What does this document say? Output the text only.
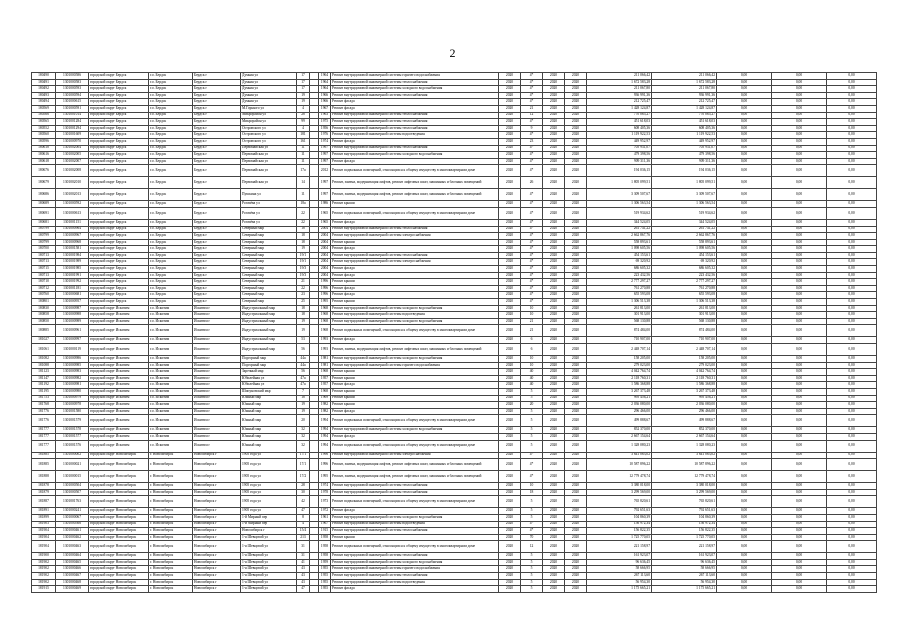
2
180490	1301000586	городской округ Бердск	г.о. Бердск	Бердск г	Думная ул	17		1964	Ремонт внутридомовой инженерной системы горячего водоснабжения	2020	4*	2020	2020	211 066,42	211 066,42	0,00	0,00	0,00
180491	1301000583	городской округ Бердск	г.о. Бердск	Бердск г	Думная ул	17		1964	Ремонт внутридомовой инженерной системы теплоснабжения	2020	4*	2020	2020	1 672 583,28	1 672 583,28	0,00	0,00	0,00
180492	1301000593	городской округ Бердск	г.о. Бердск	Бердск г	Думная ул	17		1964	Ремонт внутридомовой инженерной системы холодного водоснабжения	2020	4*	2020	2020	211 067,80	211 067,80	0,00	0,00	0,00
180493	1301000594	городской округ Бердск	г.о. Бердск	Бердск г	Думная ул	19		1966	Ремонт внутридомовой инженерной системы теплоснабжения	2020	4*	2020	2020	936 991,36	936 991,36	0,00	0,00	0,00
180494	1301000615	городской округ Бердск	г.о. Бердск	Бердск г	Думная ул	19		1966	Ремонт фасада	2020	4*	2020	2020	212 725,47	212 725,47	0,00	0,00	0,00
180569	1301000591	городской округ Бердск	г.о. Бердск	Бердск г	М.Горького ул	4		1967	Ремонт фасада	2020	21	2020	2020	1 428 124,87	1 428 124,87	0,00	0,00	0,00
180566	1301001014	городской округ Бердск	г.о. Бердск	Бердск г	Микрорайон ул	28		1963	Ремонт внутридомовой инженерной системы теплоснабжения	2020	12	2020	2020	770 065,27	770 065,27	0,00	0,00	0,00
180565	1301001284	городской округ Бердск	г.о. Бердск	Бердск г	Микрорайон ул	99		1975	Ремонт внутридомовой инженерной системы теплоснабжения	2020	4*	2020	2020	451 618,03	451 618,03	0,00	0,00	0,00
180552	1301001294	городской округ Бердск	г.о. Бердск	Бердск г	Островского ул	4		1956	Ремонт внутридомовой инженерной системы теплоснабжения	2020	9	2020	2020	608 405,36	608 405,36	0,00	0,00	0,00
180560	1301001609	городской округ Бердск	г.о. Бердск	Бердск г	Островского ул	181		1976	Ремонт внутридомовой инженерной системы водоотведения	2020	4*	2020	2020	1 119 922,53	1 119 922,53	0,00	0,00	0,00
180596	1301000970	городской округ Бердск	г.о. Бердск	Бердск г	Островского ул	161		1974	Ремонт фасада	2020	23	2020	2020	449 952,97	449 952,97	0,00	0,00	0,00
180618	1301002004	городской округ Бердск	г.о. Бердск	Бердск г	Первомайская ул	11		1997	Ремонт внутридомовой инженерной системы теплоснабжения	2020	4*	2020	2020	705 931,07	705 931,07	0,00	0,00	0,00
180616	1301002005	городской округ Бердск	г.о. Бердск	Бердск г	Первомайская ул	11		1997	Ремонт внутридомовой инженерной системы холодного водоснабжения	2020	4*	2020	2020	479 398,56	479 398,56	0,00	0,00	0,00
180618	1301002007	городской округ Бердск	г.о. Бердск	Бердск г	Первомайская ул	11		1997	Ремонт фасада	2020	4*	2020	2020	909 311,36	909 311,36	0,00	0,00	0,00
180676	1301002008	городской округ Бердск	г.о. Бердск	Бердск г	Первомайская ул	17а		2012	Ремонт подвальных помещений, относящихся к общему имуществу в многоквартирном доме	2020	4*	2020	2020	194 036,15	194 036,15	0,00	0,00	0,00
180679	1301002010	городской округ Бердск	г.о. Бердск	Бердск г	Первомайская ул	14		1997	Ремонт, замена, модернизация лифтов, ремонт лифтовых шахт, машинных и блочных помещений	2020	26	2020	2020	1 805 099,51	1 805 099,51	0,00	0,00	0,00
180686	1301002013	городской округ Бердск	г.о. Бердск	Бердск г	Пушкина ул	11		1997	Ремонт, замена, модернизация лифтов, ремонт лифтовых шахт, машинных и блочных помещений	2020	4*	2020	2020	3 309 507,67	3 309 507,67	0,00	0,00	0,00
180689	1301000592	городской округ Бердск	г.о. Бердск	Бердск г	Рогачёва ул	18а		1986	Ремонт крыши	2020	4*	2020	2020	1 306 563,54	1 306 563,54	0,00	0,00	0,00
180691	1301000613	городской округ Бердск	г.о. Бердск	Бердск г	Рогачёва ул	22		1965	Ремонт подвальных помещений, относящихся к общему имуществу в многоквартирном доме	2020	4*	2020	2020	519 934,62	519 934,62	0,00	0,00	0,00
180681	1301001151	городской округ Бердск	г.о. Бердск	Бердск г	Рогачёва ул	22		1965	Ремонт фасада	2020	4*	2020	2020	344 524,05	344 524,05	0,00	0,00	0,00
180799	1301000964	городской округ Бердск	г.о. Бердск	Бердск г	Северный мкр	18		2004	Ремонт внутридомовой инженерной системы теплоснабжения	2020	4*	2020	2020	261 741,22	261 741,22	0,00	0,00	0,00
180799	1301000967	городской округ Бердск	г.о. Бердск	Бердск г	Северный мкр	18		2004	Ремонт внутридомовой инженерной системы электроснабжения	2020	4*	2020	2020	2 662 867,76	2 662 867,76	0,00	0,00	0,00
180799	1301000968	городской округ Бердск	г.о. Бердск	Бердск г	Северный мкр	18		2004	Ремонт крыши	2020	4*	2020	2020	558 893,61	558 893,61	0,00	0,00	0,00
180700	1301001581	городской округ Бердск	г.о. Бердск	Бердск г	Северный мкр	19		2004	Ремонт фасада	2020	4*	2020	2020	1 098 605,56	1 098 605,56	0,00	0,00	0,00
180713	1301001984	городской округ Бердск	г.о. Бердск	Бердск г	Северный мкр	19/1		2004	Ремонт внутридомовой инженерной системы теплоснабжения	2020	4*	2020	2020	454 153,61	454 153,61	0,00	0,00	0,00
180713	1301001989	городской округ Бердск	г.о. Бердск	Бердск г	Северный мкр	19/1		2004	Ремонт внутридомовой инженерной системы электроснабжения	2020	4*	2020	2020	69 320,92	69 320,92	0,00	0,00	0,00
180715	1301001985	городской округ Бердск	г.о. Бердск	Бердск г	Северный мкр	19/3		2004	Ремонт фасада	2020	4*	2020	2020	686 605,32	686 605,32	0,00	0,00	0,00
180713	1301001991	городской округ Бердск	г.о. Бердск	Бердск г	Северный мкр	19/3		2004	Ремонт фасада	2020	4*	2020	2020	223 432,56	223 432,56	0,00	0,00	0,00
180710	1301001992	городской округ Бердск	г.о. Бердск	Бердск г	Северный мкр	21		1996	Ремонт крыши	2020	4*	2020	2020	2 777 297,27	2 777 297,27	0,00	0,00	0,00
180712	1301001181	городской округ Бердск	г.о. Бердск	Бердск г	Северный мкр	22		1996	Ремонт фасада	2020	4*	2020	2020	761 270,88	761 270,88	0,00	0,00	0,00
180760	1301000681	городской округ Бердск	г.о. Бердск	Бердск г	Северный мкр	23		1996	Ремонт фасада	2020	4*	2020	2020	655 593,08	655 593,08	0,00	0,00	0,00
180801	1301000957	городской округ Бердск	г.о. Бердск	Бердск г	Северный мкр	25		1995	Ремонт крыши	2020	4*	2020	2020	1 306 513,38	1 306 513,38	0,00	0,00	0,00
180830	1301000987	городской округ Искитим	г.о. Искитим	Искитим г	Индустриальный мкр	18		1968	Ремонт внутридомовой инженерной системы холодного водоснабжения	2020	10	2020	2020	261 813,00	261 813,00	0,00	0,00	0,00
180858	1301000988	городской округ Искитим	г.о. Искитим	Искитим г	Индустриальный мкр	18		1968	Ремонт внутридомовой инженерной системы водоотведения	2020	10	2020	2020	301 913,00	301 913,00	0,00	0,00	0,00
180850	1301000989	городской округ Искитим	г.о. Искитим	Искитим г	Индустриальный мкр	19		1968	Ремонт внутридомовой инженерной системы холодного водоснабжения	2020	21	2020	2020	568 130,88	568 130,88	0,00	0,00	0,00
180885	1301000961	городской округ Искитим	г.о. Искитим	Искитим г	Индустриальный мкр	19		1968	Ремонт подвальных помещений, относящихся к общему имуществу в многоквартирном доме	2020	21	2020	2020	874 484,00	874 484,00	0,00	0,00	0,00
181027	1301000997	городской округ Искитим	г.о. Искитим	Искитим г	Индустриальный мкр	53		1993	Ремонт фасада	2020	6	2020	2020	710 907,00	710 907,00	0,00	0,00	0,00
181061	1301000119	городской округ Искитим	г.о. Искитим	Искитим г	Индустриальный мкр	56		1993	Ремонт, замена, модернизация лифтов, ремонт лифтовых шахт, машинных и блочных помещений	2020	6	2020	2020	2 448 707,14	2 448 707,14	0,00	0,00	0,00
181082	1301000986	городской округ Искитим	г.о. Искитим	Искитим г	Подгорный мкр	44а		1981	Ремонт внутридомовой инженерной системы холодного водоснабжения	2020	10	2020	2020	158 205,00	158 205,00	0,00	0,00	0,00
181088	1301000985	городской округ Искитим	г.о. Искитим	Искитим г	Подгорный мкр	44а		1981	Ремонт внутридомовой инженерной системы горячего водоснабжения	2020	10	2020	2020	279 023,00	279 023,00	0,00	0,00	0,00
181123	1301000983	городской округ Искитим	г.о. Искитим	Искитим г	Заречный мкр	56		1968	Ремонт крыши	2020	40	2020	2020	4 042 764,74	4 042 764,74	0,00	0,00	0,00
181147	1301000982	городской округ Искитим	г.о. Искитим	Искитим г	Юбилейная ул	47а		1957	Ремонт крыши	2020	40	2020	2020	2 118 760,31	2 118 760,31	0,00	0,00	0,00
181192	1301000981	городской округ Искитим	г.о. Искитим	Искитим г	Юбилейная ул	47а		1957	Ремонт фасада	2020	40	2020	2020	1 586 368,88	1 586 368,88	0,00	0,00	0,00
181195	1301000980	городской округ Искитим	г.о. Искитим	Искитим г	Шипуновский мкр	7		1968	Ремонт крыши	2020	5	2020	2020	3 267 373,48	3 267 373,48	0,00	0,00	0,00
181753	1301000979	городской округ Искитим	г.о. Искитим	Искитим г	Южный мкр	18		1969	Ремонт крыши	2020	5	2020	2020	995 456,21	995 456,21	0,00	0,00	0,00
181768	1301000978	городской округ Искитим	г.о. Искитим	Искитим г	Южный мкр	19		1982	Ремонт крыши	2020	20	2020	2020	2 036 080,00	2 036 080,00	0,00	0,00	0,00
181776	1301001580	городской округ Искитим	г.о. Искитим	Искитим г	Южный мкр	19		1982	Ремонт фасада	2020	5	2020	2020	296 466,00	296 466,00	0,00	0,00	0,00
181776	1301001579	городской округ Искитим	г.о. Искитим	Искитим г	Южный мкр	20		1994	Ремонт подвальных помещений, относящихся к общему имуществу в многоквартирном доме	2020	5	2020	2020	499 888,67	499 888,67	0,00	0,00	0,00
181777	1301001578	городской округ Искитим	г.о. Искитим	Искитим г	Южный мкр	32		1994	Ремонт внутридомовой инженерной системы холодного водоснабжения	2020	5	2020	2020	852 370,00	852 370,00	0,00	0,00	0,00
181777	1301001577	городской округ Искитим	г.о. Искитим	Искитим г	Южный мкр	32		1994	Ремонт фасада	2020	5	2020	2020	2 667 154,64	2 667 154,64	0,00	0,00	0,00
181777	1301001576	городской округ Искитим	г.о. Искитим	Искитим г	Южный мкр	32		1994	Ремонт подвальных помещений, относящихся к общему имуществу в многоквартирном доме	2020	5	2020	2020	1 328 080,23	1 328 080,23	0,00	0,00	0,00
181885	1301000002	городской округ Новосибирск	г. Новосибирск	Новосибирск г	1905 года ул	17/1		1996	Ремонт внутридомовой инженерной системы электроснабжения	2020	4*	2020	2020	3 641 063,02	3 641 063,02	0,00	0,00	0,00
181885	1301000021	городской округ Новосибирск	г. Новосибирск	Новосибирск г	1905 года ул	17/1		1996	Ремонт, замена, модернизация лифтов, ремонт лифтовых шахт, машинных и блочных помещений	2020	4*	2020	2020	10 587 896,22	10 587 896,22	0,00	0,00	0,00
181888	1301000015	городской округ Новосибирск	г. Новосибирск	Новосибирск г	1905 года ул	17/2		1995	Ремонт, замена, модернизация лифтов, ремонт лифтовых шахт, машинных и блочных помещений	2020	4*	2020	2020	12 779 478,74	12 779 478,74	0,00	0,00	0,00
181878	1301000504	городской округ Новосибирск	г. Новосибирск	Новосибирск г	1905 года ул	28		1974	Ремонт внутридомовой инженерной системы теплоснабжения	2020	10	2020	2020	3 380 018,00	3 380 018,00	0,00	0,00	0,00
181879	1301000507	городской округ Новосибирск	г. Новосибирск	Новосибирск г	1905 года ул	30		1978	Ремонт внутридомовой инженерной системы теплоснабжения	2020	18	2020	2020	3 299 569,00	3 299 569,00	0,00	0,00	0,00
181887	1301001763	городской округ Новосибирск	г. Новосибирск	Новосибирск г	1905 года ул	42		1973	Ремонт подвальных помещений, относящихся к общему имуществу в многоквартирном доме	2020	5	2020	2020	765 820,61	765 820,61	0,00	0,00	0,00
181891	1301000241	городской округ Новосибирск	г. Новосибирск	Новосибирск г	1905 года ул	47		1972	Ремонт фасада	2020	5	2020	2020	792 651,63	792 651,63	0,00	0,00	0,00
181899	1301000067	городской округ Новосибирск	г. Новосибирск	Новосибирск г	1-й Мирный пер	8		1961	Ремонт внутридомовой инженерной системы холодного водоснабжения	2020	5	2020	2020	104 860,39	104 860,39	0,00	0,00	0,00
181903	1301000566	городской округ Новосибирск	г. Новосибирск	Новосибирск г	1-й Мирный пер	4		1967	Ремонт внутридомовой инженерной системы водоотведения	2020	4*	2020	2020	156 972,34	156 972,34	0,00	0,00	0,00
181904	1301000461	городской округ Новосибирск	г. Новосибирск	Новосибирск г	Новосибирск г	15/4		1915	Ремонт внутридомовой инженерной системы теплоснабжения	2020	4*	2020	2020	156 822,35	156 822,35	0,00	0,00	0,00
181904	1301000462	городской округ Новосибирск	г. Новосибирск	Новосибирск г	1-я Шевцовой ул	213		1958	Ремонт крыши	2020	70	2020	2020	1 725 770,05	1 725 770,05	0,00	0,00	0,00
181904	1301000463	городской округ Новосибирск	г. Новосибирск	Новосибирск г	1-я Шевцовой ул	31		1958	Ремонт подвальных помещений, относящихся к общему имуществу в многоквартирном доме	2020	12	2020	2020	221 158,97	221 158,97	0,00	0,00	0,00
181900	1301000464	городской округ Новосибирск	г. Новосибирск	Новосибирск г	1-я Шевцовой ул	31		1958	Ремонт внутридомовой инженерной системы теплоснабжения	2020	5	2020	2020	161 923,07	161 923,07	0,00	0,00	0,00
181902	1301000465	городской округ Новосибирск	г. Новосибирск	Новосибирск г	1-я Шевцовой ул	41		1959	Ремонт внутридомовой инженерной системы холодного водоснабжения	2020	5	2020	2020	96 636,45	96 636,45	0,00	0,00	0,00
181902	1301000466	городской округ Новосибирск	г. Новосибирск	Новосибирск г	1-я Шевцовой ул	43		1955	Ремонт внутридомовой инженерной системы горячего водоснабжения	2020	5	2020	2020	58 666,95	58 666,95	0,00	0,00	0,00
181902	1301000467	городской округ Новосибирск	г. Новосибирск	Новосибирск г	1-я Шевцовой ул	43		1955	Ремонт внутридомовой инженерной системы теплоснабжения	2020	5	2020	2020	267 113,60	267 113,60	0,00	0,00	0,00
181902	1301000468	городской округ Новосибирск	г. Новосибирск	Новосибирск г	1-я Шевцовой ул	43		1955	Ремонт внутридомовой инженерной системы водоотведения	2020	5	2020	2020	56 954,30	56 954,30	0,00	0,00	0,00
181915	1301000469	городской округ Новосибирск	г. Новосибирск	Новосибирск г	1-я Шевцовой ул	47		1955	Ремонт фасада	2020	5	2020	2020	1 175 665,21	1 175 665,21	0,00	0,00	0,00
